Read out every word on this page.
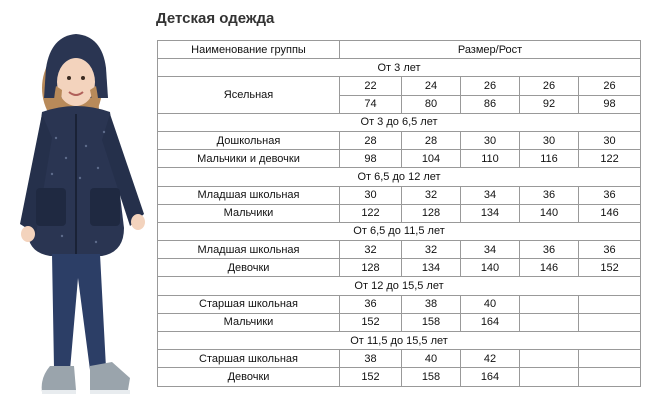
Детская одежда
Наименование группы	Размер/Рост				
От 3 лет					
Ясельная	22	24	26	26	26
	74	80	86	92	98
От 3 до 6,5 лет					
Дошкольная	28	28	30	30	30
Мальчики и девочки	98	104	110	116	122
От 6,5 до 12 лет					
Младшая школьная	30	32	34	36	36
Мальчики	122	128	134	140	146
От 6,5 до 11,5 лет					
Младшая школьная	32	32	34	36	36
Девочки	128	134	140	146	152
От 12 до 15,5 лет					
Старшая школьная	36	38	40		
Мальчики	152	158	164		
От 11,5 до 15,5 лет					
Старшая школьная	38	40	42		
Девочки	152	158	164		
